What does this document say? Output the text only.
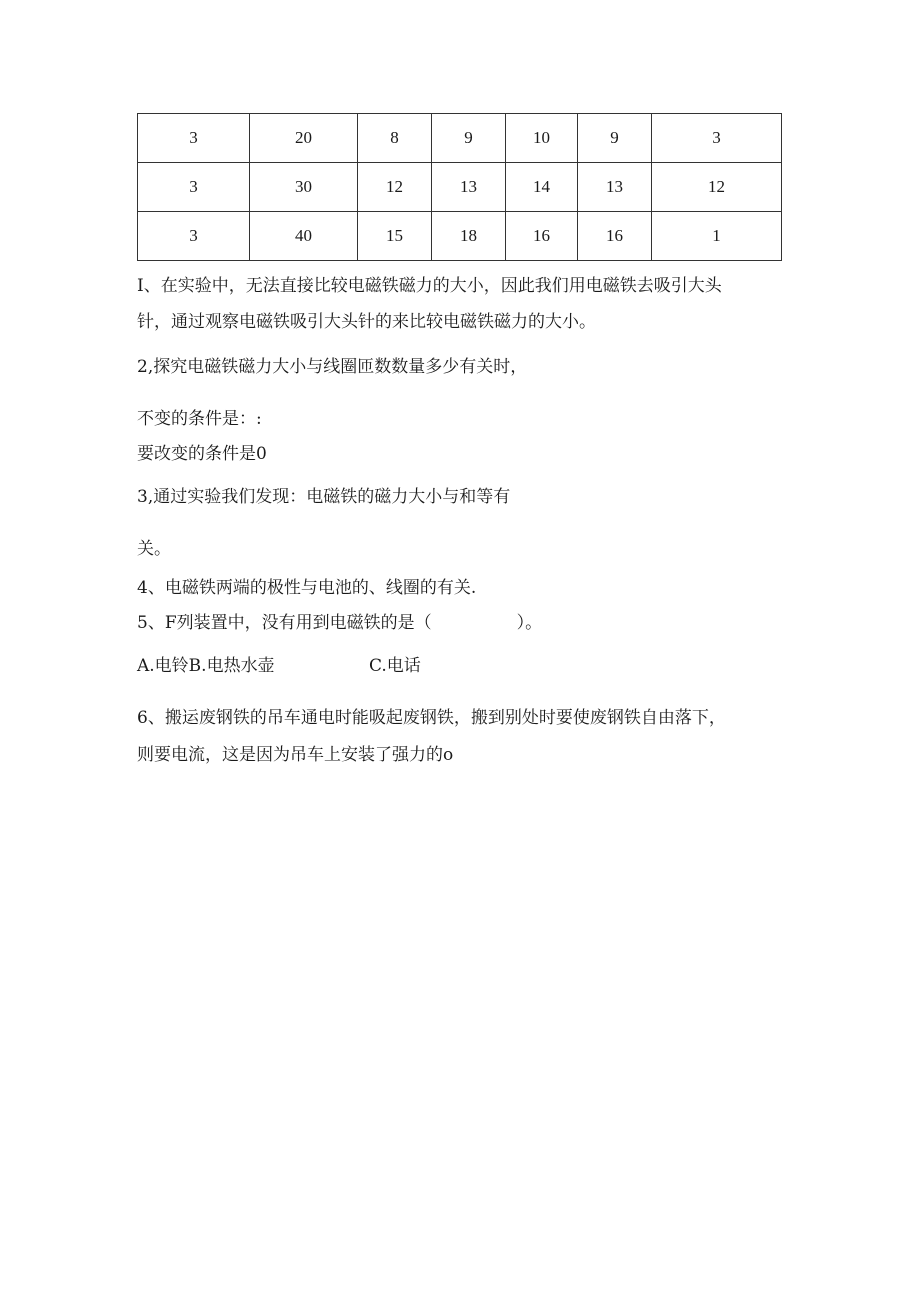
3	20	8	9	10	9	3
3	30	12	13	14	13	12
3	40	15	18	16	16	1
I、在实验中，无法直接比较电磁铁磁力的大小，因此我们用电磁铁去吸引大头
针，通过观察电磁铁吸引大头针的来比较电磁铁磁力的大小。
2,探究电磁铁磁力大小与线圈匝数数量多少有关时，
不变的条件是：:
要改变的条件是0
3,通过实验我们发现：电磁铁的磁力大小与和等有
关。
4、电磁铁两端的极性与电池的、线圈的有关.
5、F列装置中，没有用到电磁铁的是（　　　　　）。
A.电铃B.电热水壶	C.电话
6、搬运废钢铁的吊车通电时能吸起废钢铁，搬到别处时要使废钢铁自由落下，
则要电流，这是因为吊车上安装了强力的o
